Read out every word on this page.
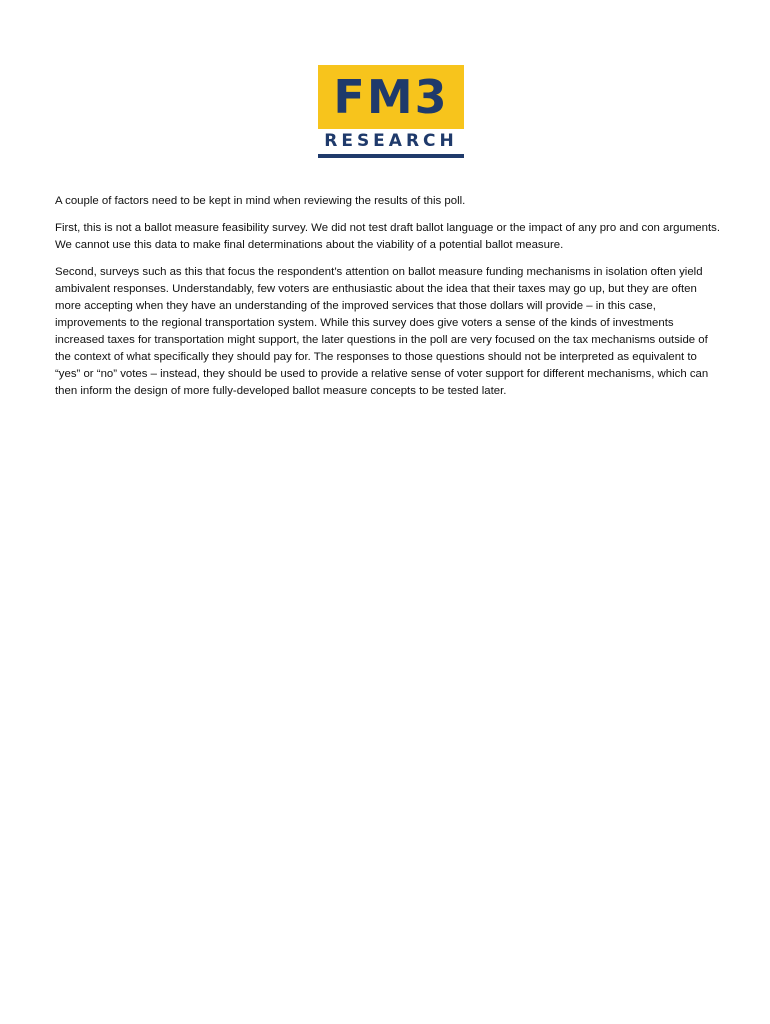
FM3
RESEARCH

A couple of factors need to be kept in mind when reviewing the results of this poll.

First, this is not a ballot measure feasibility survey. We did not test draft ballot language or the impact of any pro and con arguments. We cannot use this data to make final determinations about the viability of a potential ballot measure.

Second, surveys such as this that focus the respondent’s attention on ballot measure funding mechanisms in isolation often yield ambivalent responses. Understandably, few voters are enthusiastic about the idea that their taxes may go up, but they are often more accepting when they have an understanding of the improved services that those dollars will provide – in this case, improvements to the regional transportation system. While this survey does give voters a sense of the kinds of investments increased taxes for transportation might support, the later questions in the poll are very focused on the tax mechanisms outside of the context of what specifically they should pay for. The responses to those questions should not be interpreted as equivalent to “yes” or “no” votes – instead, they should be used to provide a relative sense of voter support for different mechanisms, which can then inform the design of more fully-developed ballot measure concepts to be tested later.
